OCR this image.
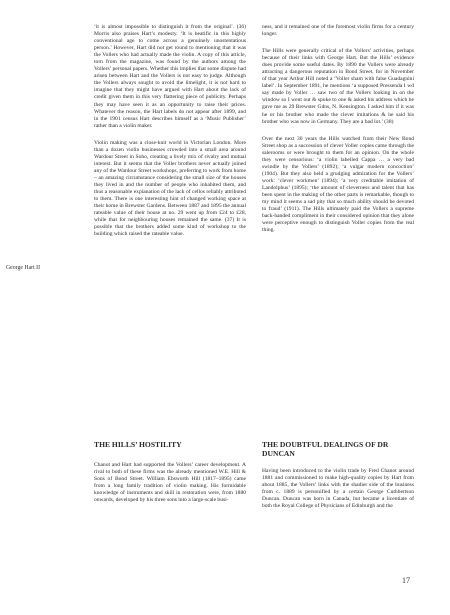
George Hart II

‘it is almost impossible to distinguish it from the original’. (36) Morris also praises Hart’s modesty. ‘It is beatific in this highly conventional age to come across a genuinely unostentatious person.’ However, Hart did not get round to mentioning that it was the Vollers who had actually made the violin. A copy of this article, torn from the magazine, was found by the authors among the Vollers’ personal papers. Whether this implies that some dispute had arisen between Hart and the Vollers is not easy to judge. Although the Vollers always sought to avoid the limelight, it is not hard to imagine that they might have argued with Hart about the lack of credit given them in this very flattering piece of publicity. Perhaps they may have seen it as an opportunity to raise their prices. Whatever the reason, the Hart labels do not appear after 1899, and in the 1901 census Hart describes himself as a ‘Music Publisher’ rather than a violin maker.

Violin making was a close-knit world in Victorian London. More than a dozen violin businesses crowded into a small area around Wardour Street in Soho, creating a lively mix of rivalry and mutual interest. But it seems that the Voller brothers never actually joined any of the Wardour Street workshops, preferring to work from home – an amazing circumstance considering the small size of the houses they lived in and the number of people who inhabited them, and thus a reasonable explanation of the lack of cellos reliably attributed to them. There is one interesting hint of changed working space at their home in Brewster Gardens. Between 1887 and 1895 the annual rateable value of their house at no. 29 went up from £24 to £28, while that for neighbouring houses remained the same. (37) It is possible that the brothers added some kind of workshop to the building which raised the rateable value.

THE HILLS’ HOSTILITY

Chanot and Hart had supported the Vollers’ career development. A rival to both of these firms was the already mentioned W.E. Hill & Sons of Bond Street. William Ebsworth Hill (1817–1895) came from a long family tradition of violin making. His formidable knowledge of instruments and skill in restoration were, from 1880 onwards, developed by his three sons into a large-scale busi-

ness, and it remained one of the foremost violin firms for a century longer.

The Hills were generally critical of the Vollers’ activities, perhaps because of their links with George Hart. But the Hills’ evidence does provide some useful dates. By 1890 the Vollers were already attracting a dangerous reputation in Bond Street, for in November of that year Arthur Hill noted a ‘Voller sham with false Guadagnini label’. In September 1891, he mentions ‘a supposed Pressenda I wd say made by Voller … saw two of the Vollers looking in on the window so I went out & spoke to one & asked his address which he gave me as 29 Brewster Gdns, N. Kensington. I asked him if it was he or his brother who made the clever imitations & he said his brother who was now in Germany. They are a bad lot.’ (38)

Over the next 30 years the Hills watched from their New Bond Street shop as a succession of clever Voller copies came through the salerooms or were brought to them for an opinion. On the whole they were censorious: ‘a violin labelled Cappa … a very bad swindle by the Vollers’ (1892); ‘a vulgar modern concoction’ (1904). But they also held a grudging admiration for the Vollers’ work: ‘clever workmen’ (1894); ‘a very creditable imitation of Landolphus’ (1895); ‘the amount of cleverness and talent that has been spent in the making of the other parts is remarkable, though to my mind it seems a sad pity that so much ability should be devoted to fraud’ (1911). The Hills ultimately paid the Vollers a supreme back-handed compliment in their considered opinion that they alone were perceptive enough to distinguish Voller copies from the real thing.

THE DOUBTFUL DEALINGS OF DR DUNCAN

Having been introduced to the violin trade by Fred Chanot around 1881 and commissioned to make high-quality copies by Hart from about 1885, the Vollers’ links with the shadier side of the business from c. 1889 is personified by a certain George Cuthbertson Duncan. Duncan was born in Canada, but became a licentiate of both the Royal College of Physicians of Edinburgh and the

17
